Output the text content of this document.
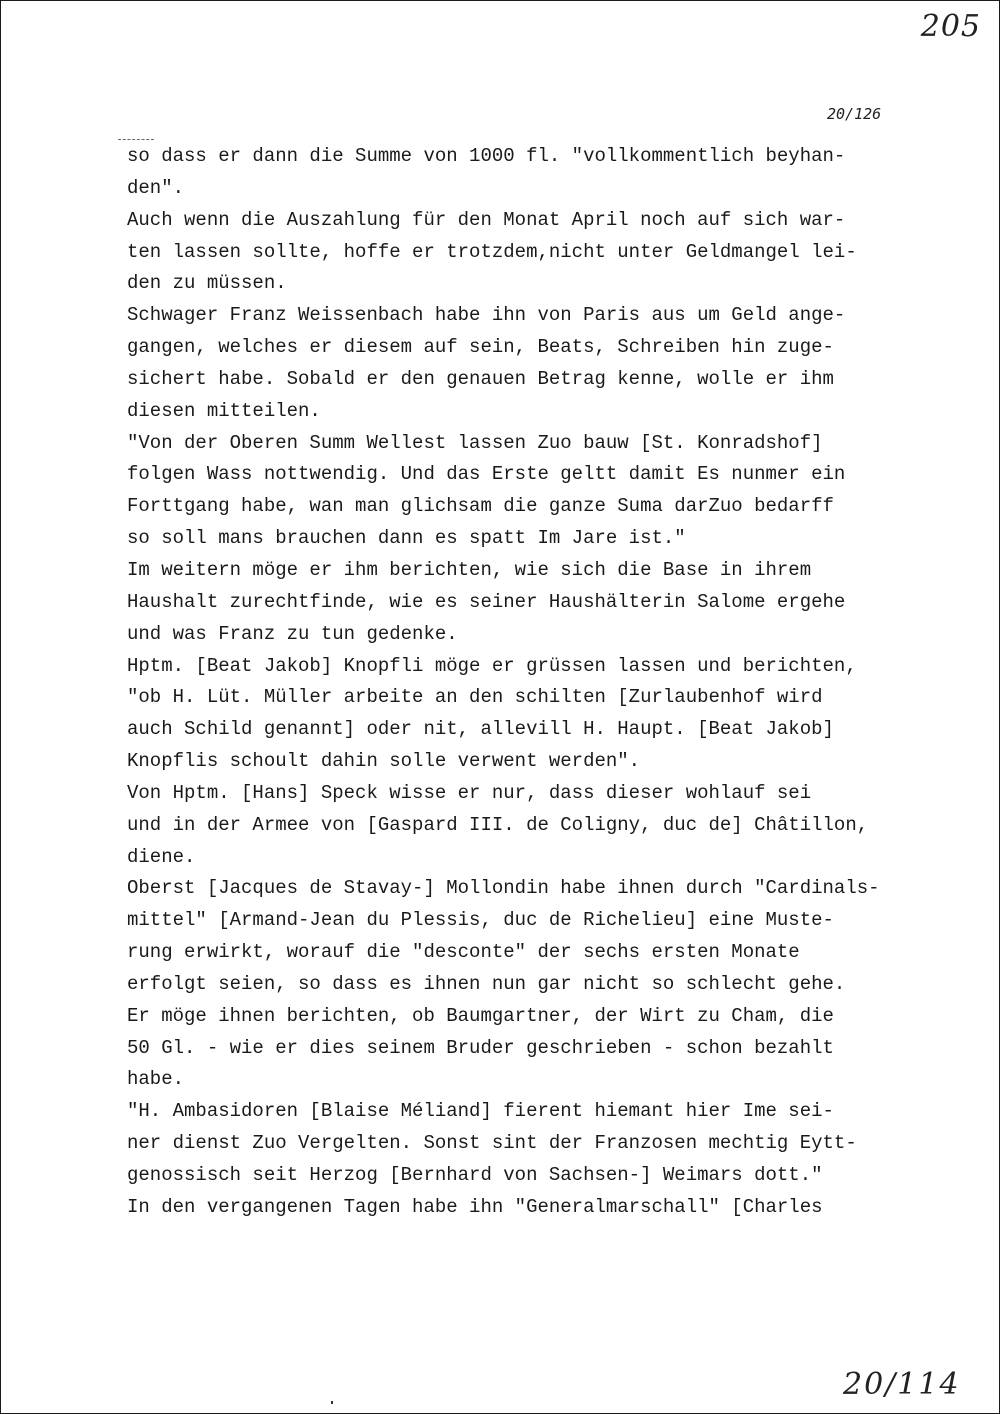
205
20/126
so dass er dann die Summe von 1000 fl. "vollkommentlich beyhan-
den".
Auch wenn die Auszahlung für den Monat April noch auf sich war-
ten lassen sollte, hoffe er trotzdem,nicht unter Geldmangel lei-
den zu müssen.
Schwager Franz Weissenbach habe ihn von Paris aus um Geld ange-
gangen, welches er diesem auf sein, Beats, Schreiben hin zuge-
sichert habe. Sobald er den genauen Betrag kenne, wolle er ihm
diesen mitteilen.
"Von der Oberen Summ Wellest lassen Zuo bauw [St. Konradshof]
folgen Wass nottwendig. Und das Erste geltt damit Es nunmer ein
Forttgang habe, wan man glichsam die ganze Suma darZuo bedarff
so soll mans brauchen dann es spatt Im Jare ist."
Im weitern möge er ihm berichten, wie sich die Base in ihrem
Haushalt zurechtfinde, wie es seiner Haushälterin Salome ergehe
und was Franz zu tun gedenke.
Hptm. [Beat Jakob] Knopfli möge er grüssen lassen und berichten,
"ob H. Lüt. Müller arbeite an den schilten [Zurlaubenhof wird
auch Schild genannt] oder nit, allevill H. Haupt. [Beat Jakob]
Knopflis schoult dahin solle verwent werden".
Von Hptm. [Hans] Speck wisse er nur, dass dieser wohlauf sei
und in der Armee von [Gaspard III. de Coligny, duc de] Châtillon,
diene.
Oberst [Jacques de Stavay-] Mollondin habe ihnen durch "Cardinals-
mittel" [Armand-Jean du Plessis, duc de Richelieu] eine Muste-
rung erwirkt, worauf die "desconte" der sechs ersten Monate
erfolgt seien, so dass es ihnen nun gar nicht so schlecht gehe.
Er möge ihnen berichten, ob Baumgartner, der Wirt zu Cham, die
50 Gl. - wie er dies seinem Bruder geschrieben - schon bezahlt
habe.
"H. Ambasidoren [Blaise Méliand] fierent hiemant hier Ime sei-
ner dienst Zuo Vergelten. Sonst sint der Franzosen mechtig Eytt-
genossisch seit Herzog [Bernhard von Sachsen-] Weimars dott."
In den vergangenen Tagen habe ihn "Generalmarschall" [Charles
20/114
